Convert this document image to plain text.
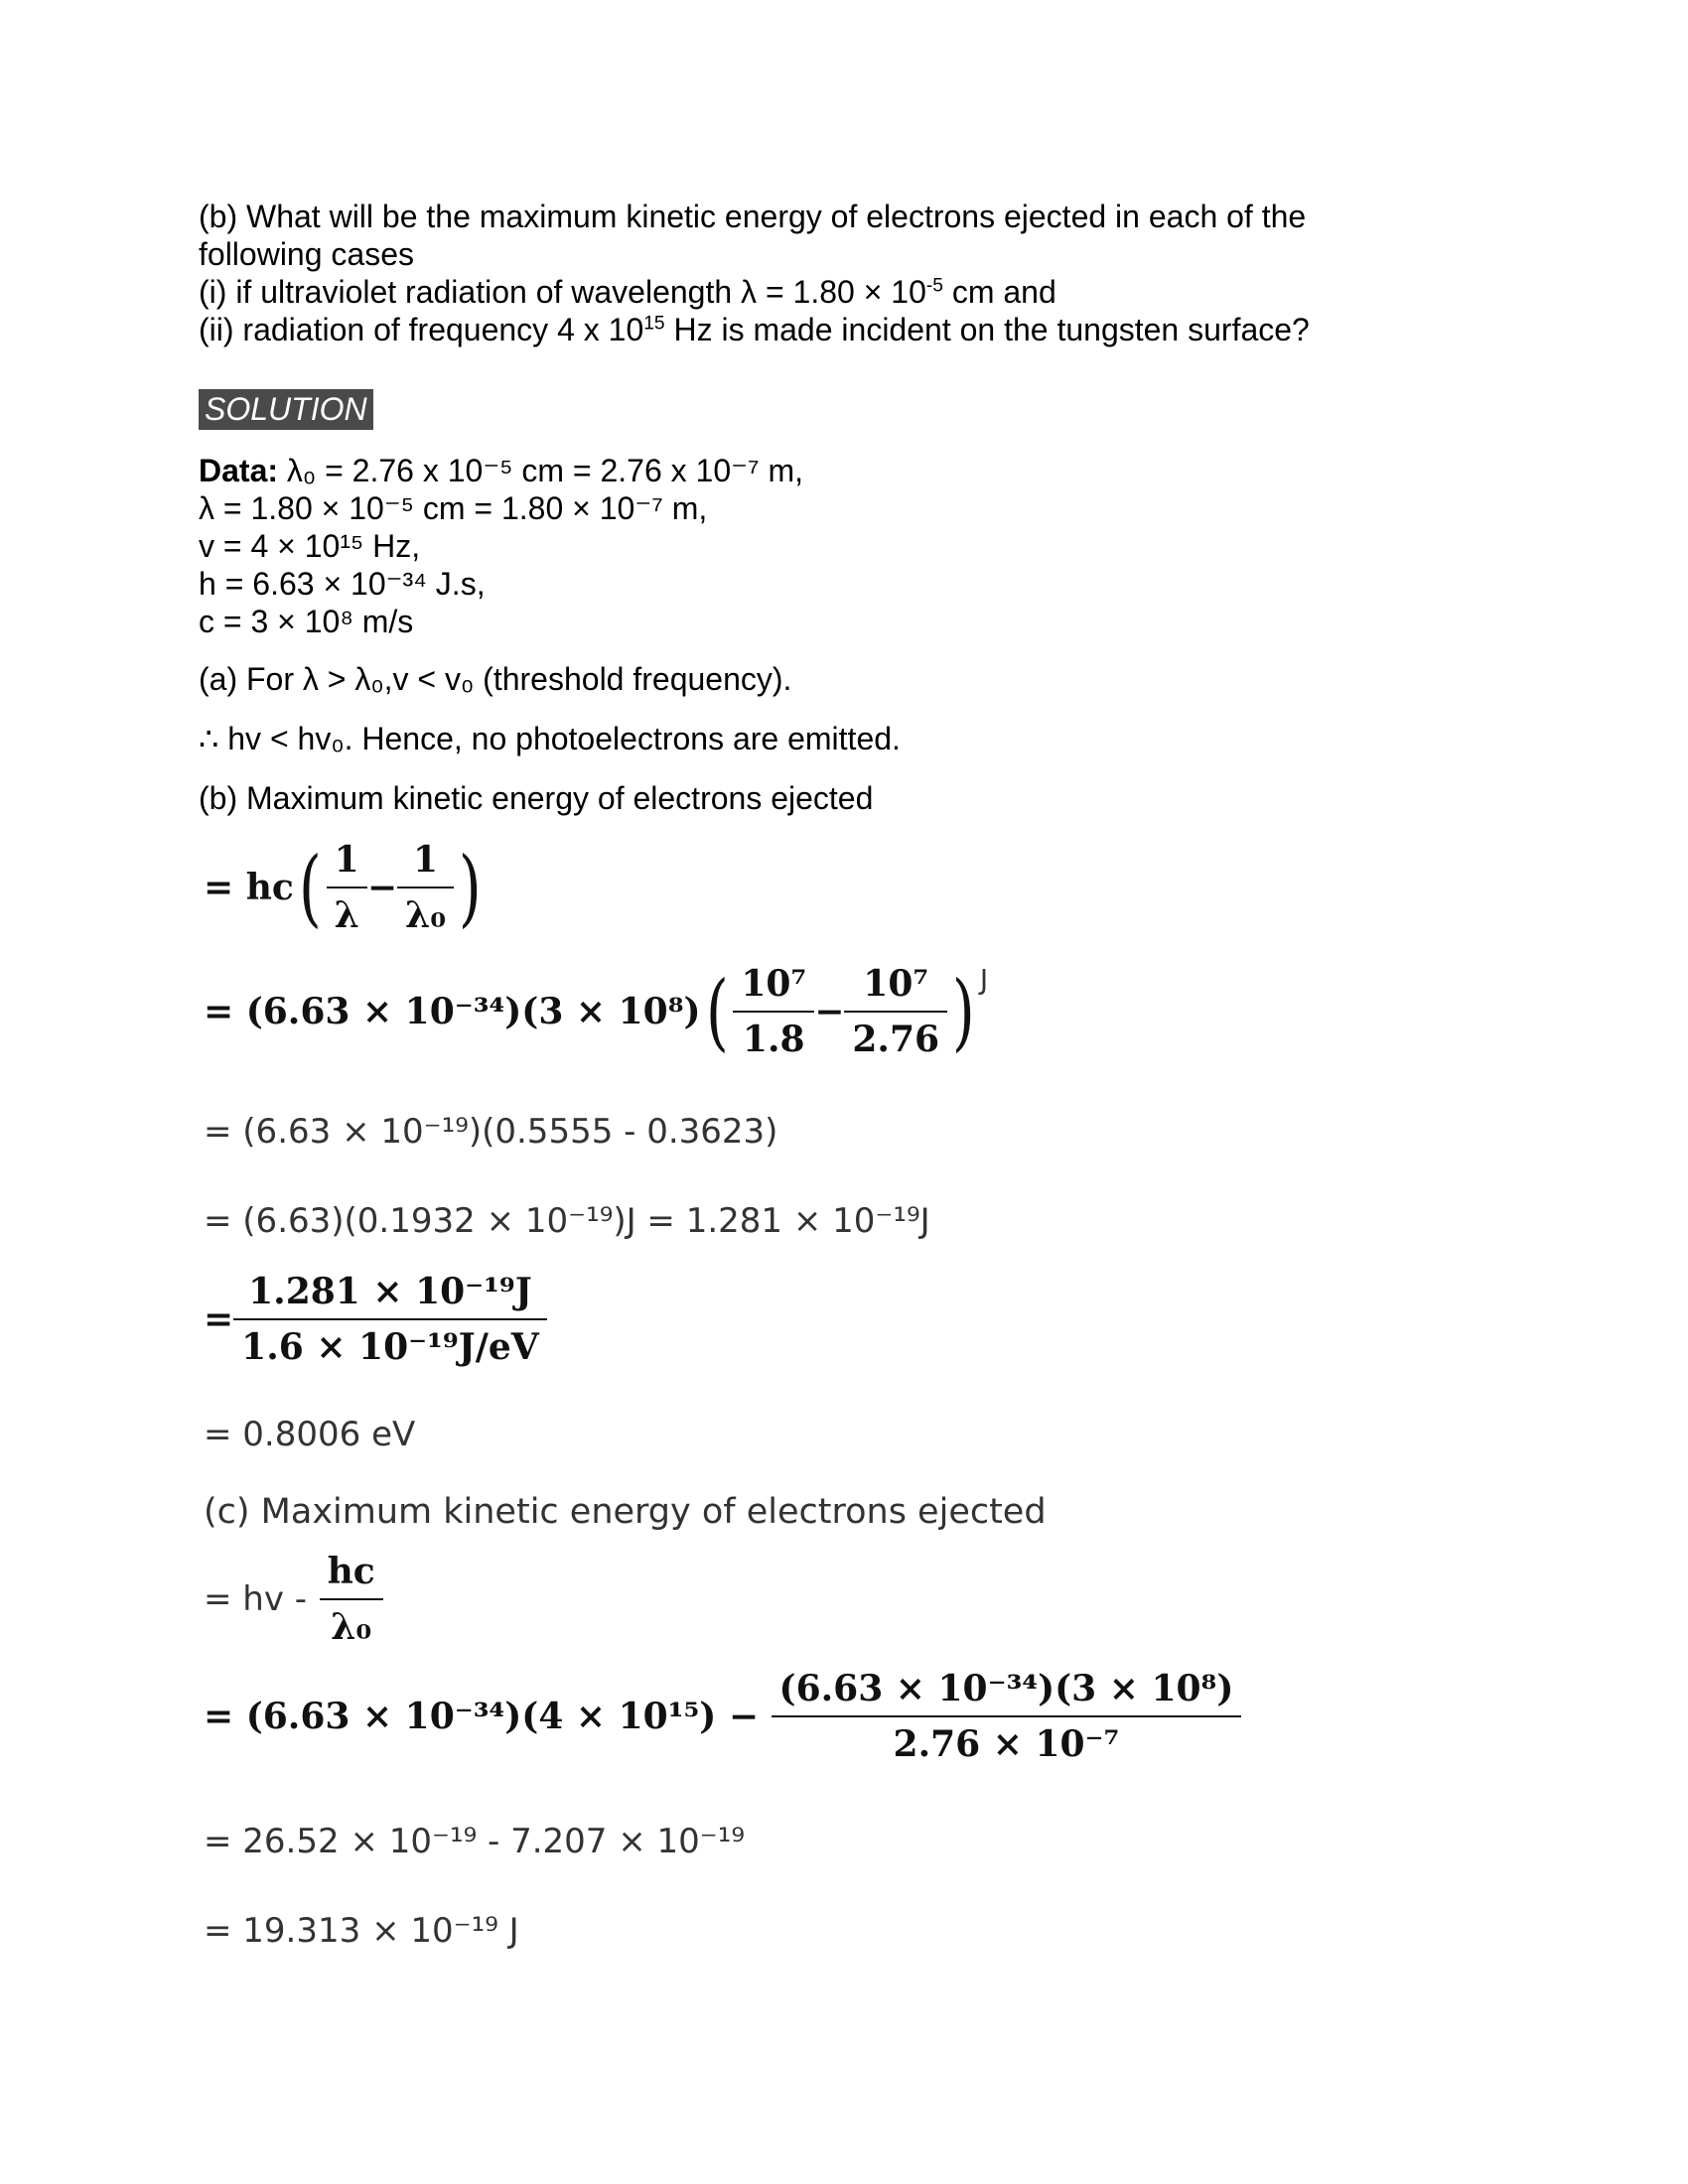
(b) What will be the maximum kinetic energy of electrons ejected in each of the
following cases
(i) if ultraviolet radiation of wavelength $\lambda = 1.80 \times 10^{-5}$ cm and
(ii) radiation of frequency 4 x $10^{15}$ Hz is made incident on the tungsten surface?
SOLUTION
Data: λ₀ = 2.76 x 10⁻⁵ cm = 2.76 x 10⁻⁷ m,
λ = 1.80 × 10⁻⁵ cm = 1.80 × 10⁻⁷ m,
v = 4 × 10¹⁵ Hz,
h = 6.63 × 10⁻³⁴ J.s,
c = 3 × 10⁸ m/s
(a) For λ > λ₀,v < v₀ (threshold frequency).
∴ hv < hv₀. Hence, no photoelectrons are emitted.
(b) Maximum kinetic energy of electrons ejected
= $hc( \frac{1}{\lambda} - \frac{1}{\text{λ₀}}$ )
= $(6.63 \times 10^{-34})(3 \times 10^8)( \frac{\text{10⁷}}{1.8} - \frac{\text{10⁷}}{2.76}$ ) $^J$
= (6.63 × 10⁻¹⁹)(0.5555 - 0.3623)
= (6.63)(0.1932 × 10⁻¹⁹)J = 1.281 × 10⁻¹⁹J
= $\frac{\text{1.281 × 10⁻¹⁹J}}{\text{1.6 × 10⁻¹⁹J/eV}}$
= 0.8006 eV
(c) Maximum kinetic energy of electrons ejected
= hv - $\frac{hc}{\text{λ₀}}$
= $(6.63 \times 10^{-34})(4 \times 10^{15}) - \frac{\text{(6.63 × 10⁻³⁴)(3 × 10⁸)}}{\text{2.76 × 10⁻⁷}}$
= 26.52 × 10⁻¹⁹ - 7.207 × 10⁻¹⁹
= 19.313 × 10⁻¹⁹ J
